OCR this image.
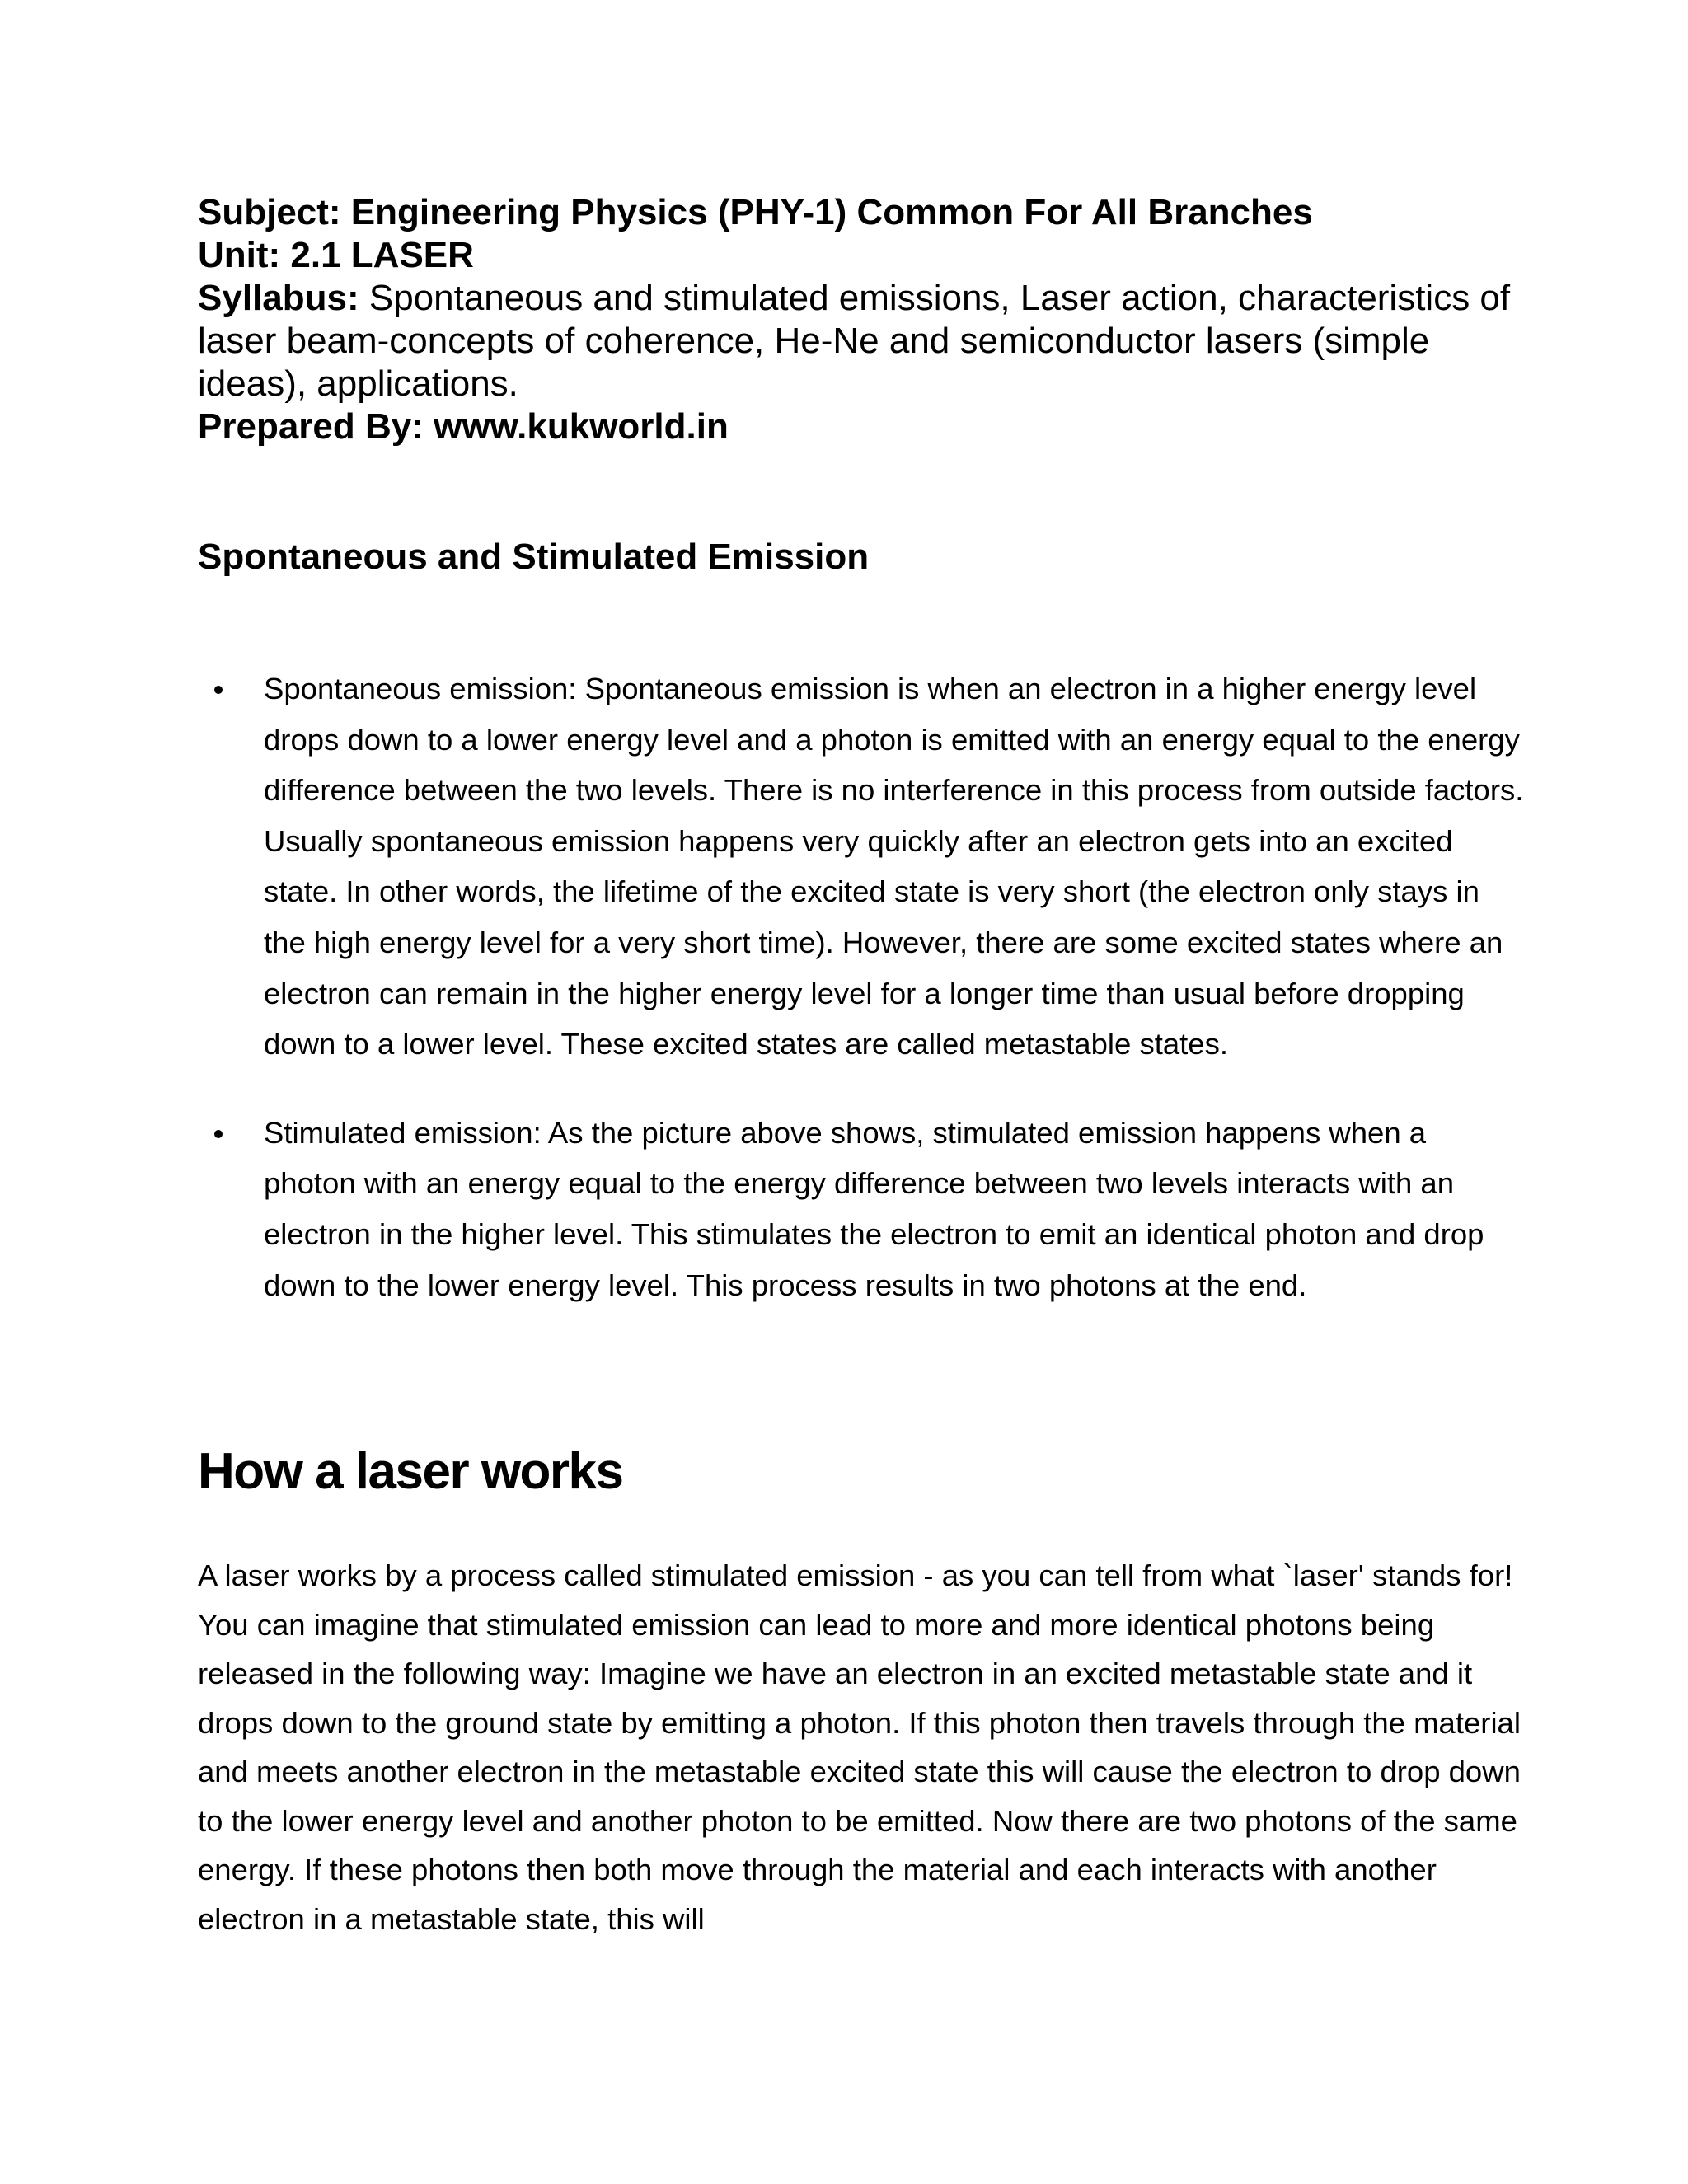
Subject: Engineering Physics (PHY-1) Common For All Branches

Unit: 2.1 LASER

Syllabus: Spontaneous and stimulated emissions, Laser action, characteristics of laser beam-concepts of coherence, He-Ne and semiconductor lasers (simple ideas), applications.

Prepared By: www.kukworld.in

Spontaneous and Stimulated Emission
Spontaneous emission: Spontaneous emission is when an electron in a higher energy level drops down to a lower energy level and a photon is emitted with an energy equal to the energy difference between the two levels. There is no interference in this process from outside factors. Usually spontaneous emission happens very quickly after an electron gets into an excited state. In other words, the lifetime of the excited state is very short (the electron only stays in the high energy level for a very short time). However, there are some excited states where an electron can remain in the higher energy level for a longer time than usual before dropping down to a lower level. These excited states are called metastable states.
Stimulated emission: As the picture above shows, stimulated emission happens when a photon with an energy equal to the energy difference between two levels interacts with an electron in the higher level. This stimulates the electron to emit an identical photon and drop down to the lower energy level. This process results in two photons at the end.
How a laser works

A laser works by a process called stimulated emission - as you can tell from what `laser' stands for! You can imagine that stimulated emission can lead to more and more identical photons being released in the following way: Imagine we have an electron in an excited metastable state and it drops down to the ground state by emitting a photon. If this photon then travels through the material and meets another electron in the metastable excited state this will cause the electron to drop down to the lower energy level and another photon to be emitted. Now there are two photons of the same energy. If these photons then both move through the material and each interacts with another electron in a metastable state, this will
